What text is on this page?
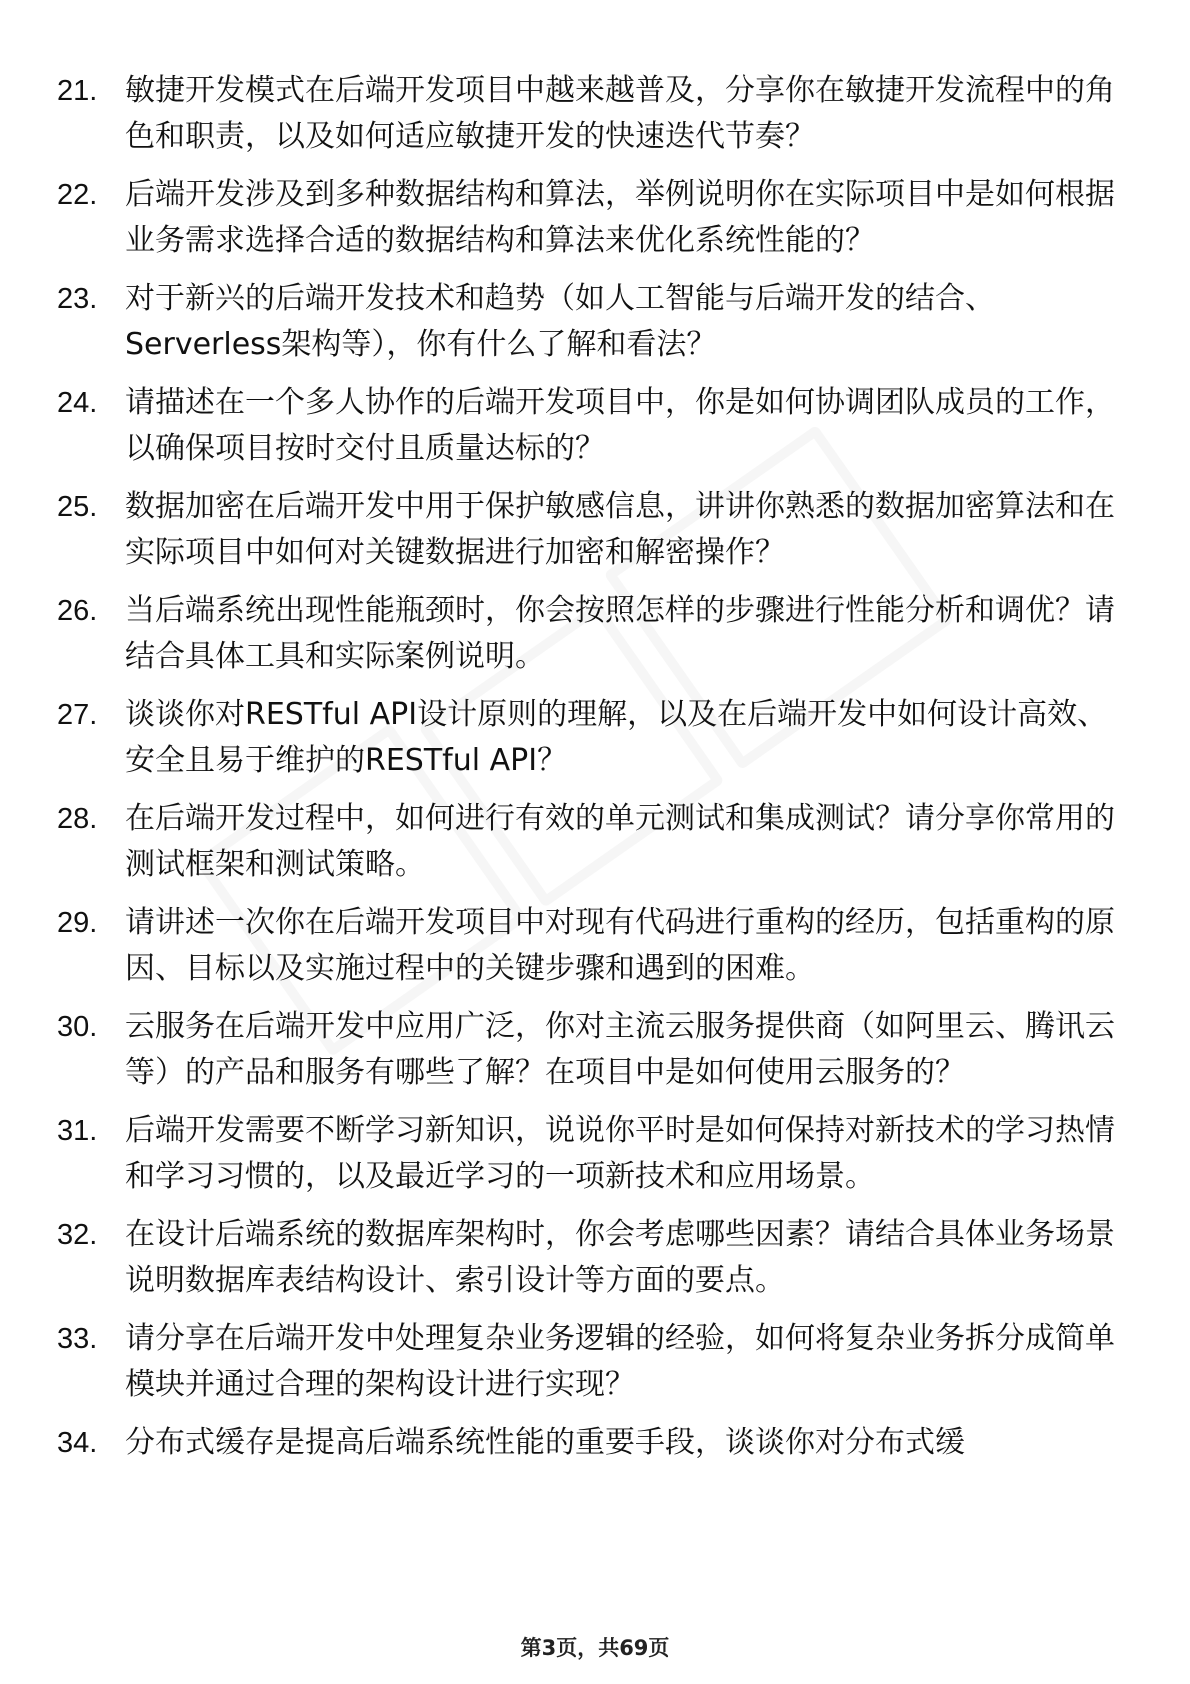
21. 敏捷开发模式在后端开发项目中越来越普及，分享你在敏捷开发流程中的角色和职责，以及如何适应敏捷开发的快速迭代节奏？
22. 后端开发涉及到多种数据结构和算法，举例说明你在实际项目中是如何根据业务需求选择合适的数据结构和算法来优化系统性能的？
23. 对于新兴的后端开发技术和趋势（如人工智能与后端开发的结合、Serverless架构等），你有什么了解和看法？
24. 请描述在一个多人协作的后端开发项目中，你是如何协调团队成员的工作，以确保项目按时交付且质量达标的？
25. 数据加密在后端开发中用于保护敏感信息，讲讲你熟悉的数据加密算法和在实际项目中如何对关键数据进行加密和解密操作？
26. 当后端系统出现性能瓶颈时，你会按照怎样的步骤进行性能分析和调优？请结合具体工具和实际案例说明。
27. 谈谈你对RESTful API设计原则的理解，以及在后端开发中如何设计高效、安全且易于维护的RESTful API？
28. 在后端开发过程中，如何进行有效的单元测试和集成测试？请分享你常用的测试框架和测试策略。
29. 请讲述一次你在后端开发项目中对现有代码进行重构的经历，包括重构的原因、目标以及实施过程中的关键步骤和遇到的困难。
30. 云服务在后端开发中应用广泛，你对主流云服务提供商（如阿里云、腾讯云等）的产品和服务有哪些了解？在项目中是如何使用云服务的？
31. 后端开发需要不断学习新知识，说说你平时是如何保持对新技术的学习热情和学习习惯的，以及最近学习的一项新技术和应用场景。
32. 在设计后端系统的数据库架构时，你会考虑哪些因素？请结合具体业务场景说明数据库表结构设计、索引设计等方面的要点。
33. 请分享在后端开发中处理复杂业务逻辑的经验，如何将复杂业务拆分成简单模块并通过合理的架构设计进行实现？
34. 分布式缓存是提高后端系统性能的重要手段，谈谈你对分布式缓
第3页，共69页
